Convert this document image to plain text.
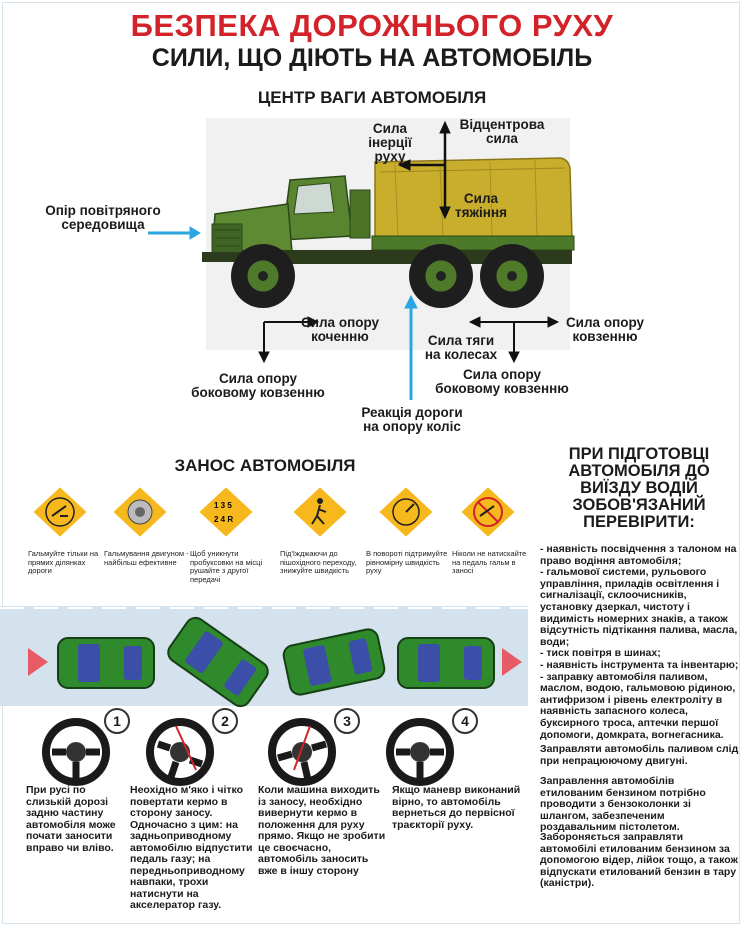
БЕЗПЕКА ДОРОЖНЬОГО РУХУ
СИЛИ, ЩО ДІЮТЬ НА АВТОМОБІЛЬ
ЦЕНТР ВАГИ АВТОМОБІЛЯ
Опір повітряного середовища
Сила інерції руху
Відцентрова сила
Сила тяжіння
Сила опору коченню
Сила опору боковому ковзенню
Реакція дороги на опору коліс
Сила тяги на колесах
Сила опору ковзенню
Сила опору боковому ковзенню
ЗАНОС АВТОМОБІЛЯ
1 3 5
2 4 R
Гальмуйте тільки на прямих ділянках дороги
Гальмування двигуном - найбільш ефективне
Щоб уникнути пробуксовки на місці рушайте з другої передачі
Під'їжджаючи до пішохідного переходу, знижуйте швидкість
В повороті підтримуйте рівномірну швидкість руху
Ніколи не натискайте на педаль гальм в заносі
1	2	3	4
При русі по слизькій дорозі задню частину автомобіля може почати заносити вправо чи вліво.
Неохідно м'яко і чітко повертати кермо в сторону заносу. Одночасно з цим: на задньоприводному автомобілю відпустити педаль газу; на передньоприводному навпаки, трохи натиснути на акселератор газу.
Коли машина виходить із заносу, необхідно вивернути кермо в положення для руху прямо. Якщо не зробити це своєчасно, автомобіль заносить вже в іншу сторону
Якщо маневр виконаний вірно, то автомобіль вернеться до первісної траєкторії руху.
ПРИ ПІДГОТОВЦІ АВТОМОБІЛЯ ДО ВИЇЗДУ ВОДІЙ ЗОБОВ'ЯЗАНИЙ ПЕРЕВІРИТИ:
- наявність посвідчення з талоном на право водіння автомобіля;
- гальмової системи, рульового управління, приладів освітлення і сигналізації, склоочисників, установку дзеркал, чистоту і видимість номерних знаків, а також відсутність підтікання палива, масла, води;
- тиск повітря в шинах;
- наявність інструмента та інвентарю;
- заправку автомобіля паливом, маслом, водою, гальмовою рідиною, антифризом і рівень електроліту в наявність запасного колеса, буксирного троса, аптечки першої допомоги, домкрата, вогнегасника.
Заправляти автомобіль паливом слід при непрацюючому двигуні.
Заправлення автомобілів етилованим бензином потрібно проводити з бензоколонки зі шлангом, забезпеченим роздавальним пістолетом.
Забороняється заправляти автомобілі етилованим бензином за допомогою відер, лійок тощо, а також відпускати етилований бензин в тару (каністри).
